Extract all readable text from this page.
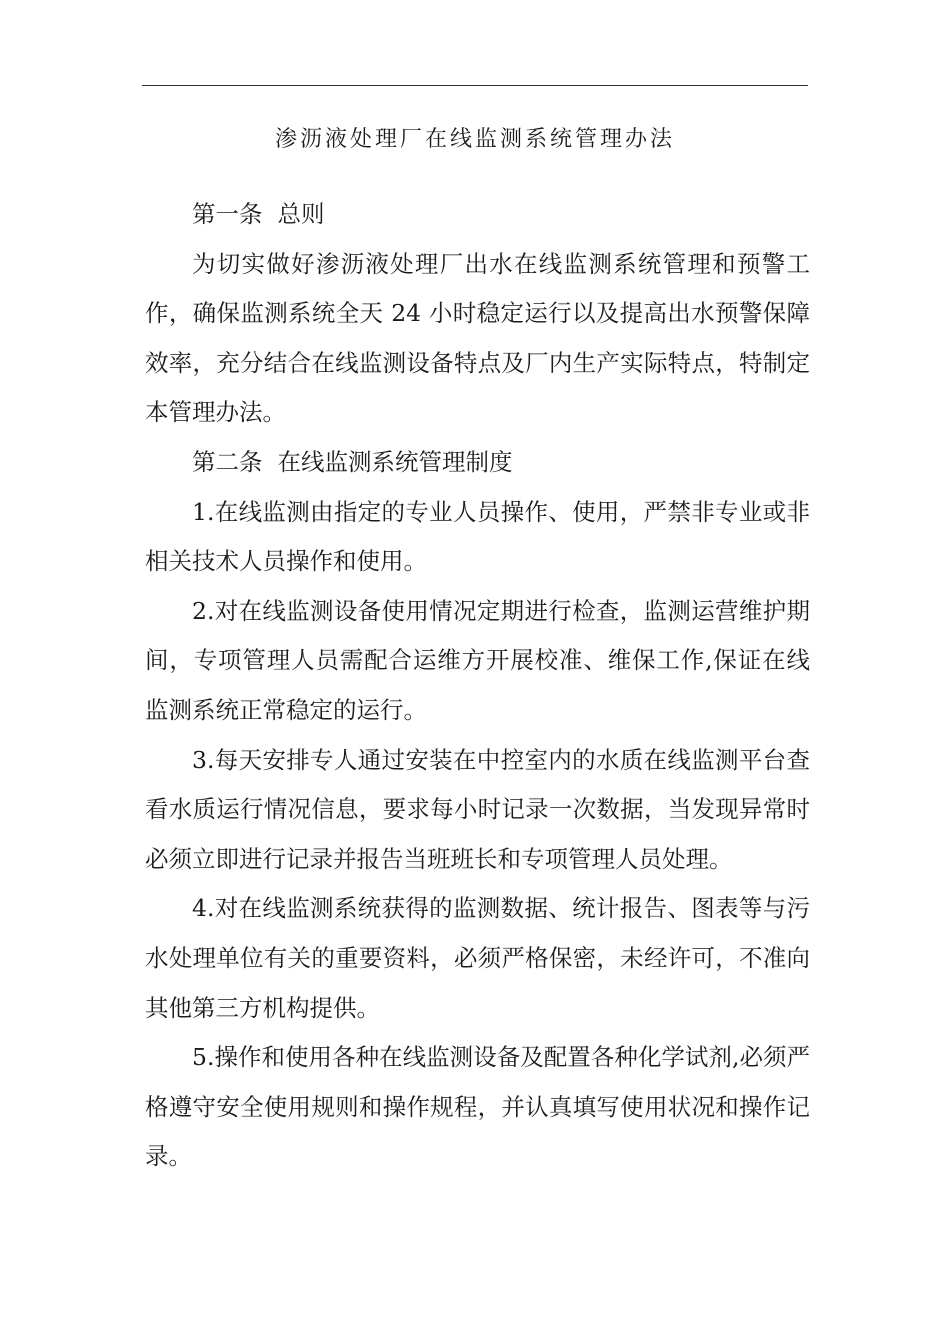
渗沥液处理厂在线监测系统管理办法

第一条  总则

为切实做好渗沥液处理厂出水在线监测系统管理和预警工作，确保监测系统全天 24 小时稳定运行以及提高出水预警保障效率，充分结合在线监测设备特点及厂内生产实际特点，特制定本管理办法。

第二条  在线监测系统管理制度

1.在线监测由指定的专业人员操作、使用，严禁非专业或非相关技术人员操作和使用。

2.对在线监测设备使用情况定期进行检查，监测运营维护期间，专项管理人员需配合运维方开展校准、维保工作,保证在线监测系统正常稳定的运行。

3.每天安排专人通过安装在中控室内的水质在线监测平台查看水质运行情况信息，要求每小时记录一次数据，当发现异常时必须立即进行记录并报告当班班长和专项管理人员处理。

4.对在线监测系统获得的监测数据、统计报告、图表等与污水处理单位有关的重要资料，必须严格保密，未经许可，不准向其他第三方机构提供。

5.操作和使用各种在线监测设备及配置各种化学试剂,必须严格遵守安全使用规则和操作规程，并认真填写使用状况和操作记录。
